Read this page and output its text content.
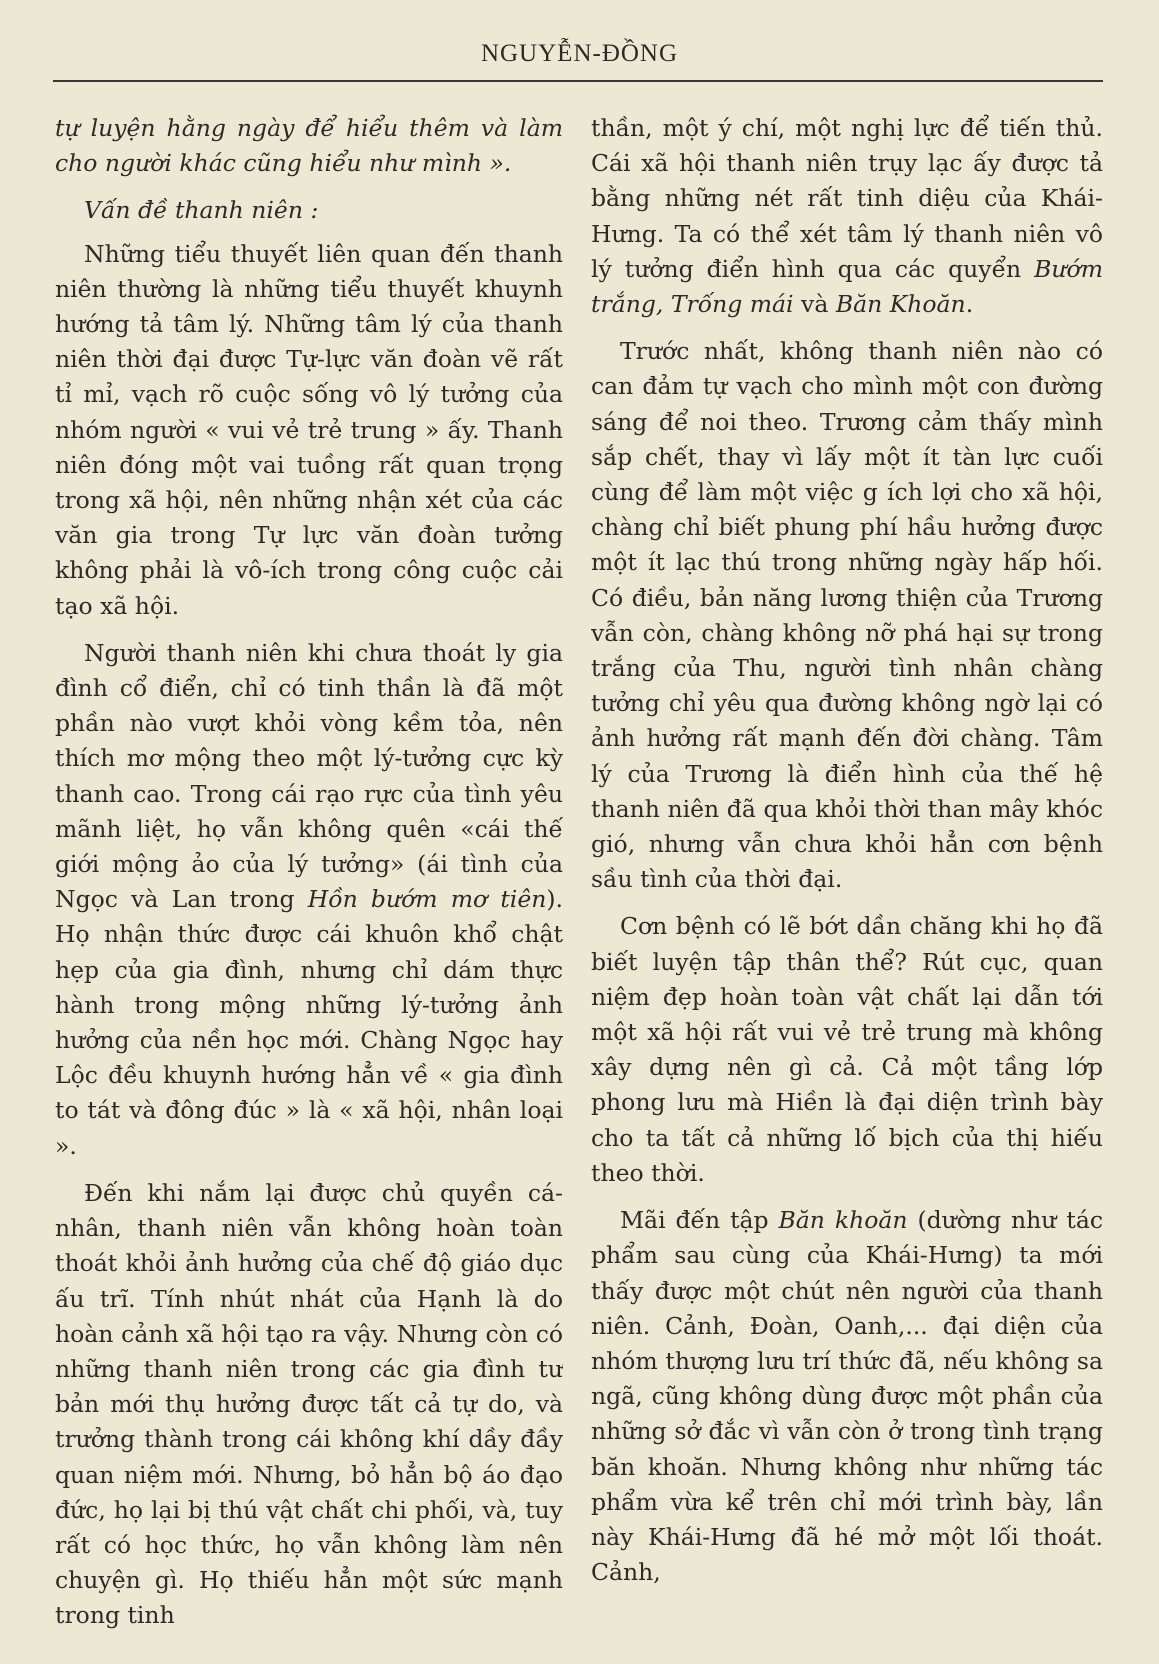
NGUYỄN-ĐỒNG

tự luyện hằng ngày để hiểu thêm và làm cho người khác cũng hiểu như mình ».

Vấn đề thanh niên :

Những tiểu thuyết liên quan đến thanh niên thường là những tiểu thuyết khuynh hướng tả tâm lý. Những tâm lý của thanh niên thời đại được Tự-lực văn đoàn vẽ rất tỉ mỉ, vạch rõ cuộc sống vô lý tưởng của nhóm người « vui vẻ trẻ trung » ấy. Thanh niên đóng một vai tuồng rất quan trọng trong xã hội, nên những nhận xét của các văn gia trong Tự lực văn đoàn tưởng không phải là vô-ích trong công cuộc cải tạo xã hội.

Người thanh niên khi chưa thoát ly gia đình cổ điển, chỉ có tinh thần là đã một phần nào vượt khỏi vòng kềm tỏa, nên thích mơ mộng theo một lý-tưởng cực kỳ thanh cao. Trong cái rạo rực của tình yêu mãnh liệt, họ vẫn không quên «cái thế giới mộng ảo của lý tưởng» (ái tình của Ngọc và Lan trong Hồn bướm mơ tiên). Họ nhận thức được cái khuôn khổ chật hẹp của gia đình, nhưng chỉ dám thực hành trong mộng những lý-tưởng ảnh hưởng của nền học mới. Chàng Ngọc hay Lộc đều khuynh hướng hẳn về « gia đình to tát và đông đúc » là « xã hội, nhân loại ».

Đến khi nắm lại được chủ quyền cá-nhân, thanh niên vẫn không hoàn toàn thoát khỏi ảnh hưởng của chế độ giáo dục ấu trĩ. Tính nhút nhát của Hạnh là do hoàn cảnh xã hội tạo ra vậy. Nhưng còn có những thanh niên trong các gia đình tư bản mới thụ hưởng được tất cả tự do, và trưởng thành trong cái không khí dầy đầy quan niệm mới. Nhưng, bỏ hẳn bộ áo đạo đức, họ lại bị thú vật chất chi phối, và, tuy rất có học thức, họ vẫn không làm nên chuyện gì. Họ thiếu hẳn một sức mạnh trong tinh

thần, một ý chí, một nghị lực để tiến thủ. Cái xã hội thanh niên trụy lạc ấy được tả bằng những nét rất tinh diệu của Khái-Hưng. Ta có thể xét tâm lý thanh niên vô lý tưởng điển hình qua các quyển Bướm trắng, Trống mái và Băn Khoăn.

Trước nhất, không thanh niên nào có can đảm tự vạch cho mình một con đường sáng để noi theo. Trương cảm thấy mình sắp chết, thay vì lấy một ít tàn lực cuối cùng để làm một việc g ích lợi cho xã hội, chàng chỉ biết phung phí hầu hưởng được một ít lạc thú trong những ngày hấp hối. Có điều, bản năng lương thiện của Trương vẫn còn, chàng không nỡ phá hại sự trong trắng của Thu, người tình nhân chàng tưởng chỉ yêu qua đường không ngờ lại có ảnh hưởng rất mạnh đến đời chàng. Tâm lý của Trương là điển hình của thế hệ thanh niên đã qua khỏi thời than mây khóc gió, nhưng vẫn chưa khỏi hẳn cơn bệnh sầu tình của thời đại.

Cơn bệnh có lẽ bớt dần chăng khi họ đã biết luyện tập thân thể? Rút cục, quan niệm đẹp hoàn toàn vật chất lại dẫn tới một xã hội rất vui vẻ trẻ trung mà không xây dựng nên gì cả. Cả một tầng lớp phong lưu mà Hiền là đại diện trình bày cho ta tất cả những lố bịch của thị hiếu theo thời.

Mãi đến tập Băn khoăn (dường như tác phẩm sau cùng của Khái-Hưng) ta mới thấy được một chút nên người của thanh niên. Cảnh, Đoàn, Oanh,... đại diện của nhóm thượng lưu trí thức đã, nếu không sa ngã, cũng không dùng được một phần của những sở đắc vì vẫn còn ở trong tình trạng băn khoăn. Nhưng không như những tác phẩm vừa kể trên chỉ mới trình bày, lần này Khái-Hưng đã hé mở một lối thoát. Cảnh,
